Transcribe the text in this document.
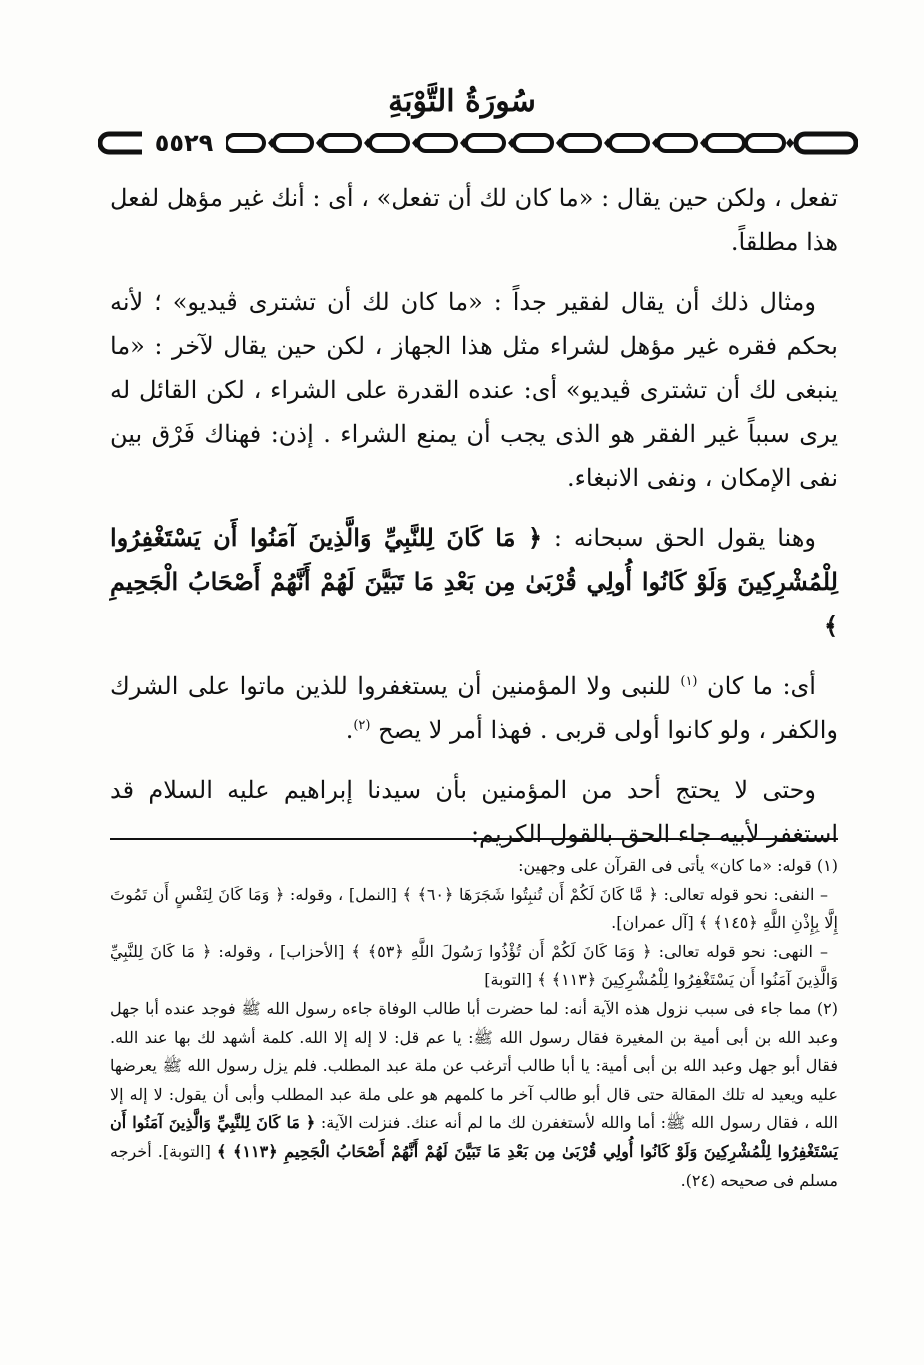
سُورَةُ التَّوْبَةِ
٥٥٢٩

تفعل ، ولكن حين يقال : «ما كان لك أن تفعل» ، أى : أنك غير مؤهل لفعل هذا مطلقاً.

ومثال ذلك أن يقال لفقير جداً : «ما كان لك أن تشترى ڤيديو» ؛ لأنه بحكم فقره غير مؤهل لشراء مثل هذا الجهاز ، لكن حين يقال لآخر : «ما ينبغى لك أن تشترى ڤيديو» أى: عنده القدرة على الشراء ، لكن القائل له يرى سبباً غير الفقر هو الذى يجب أن يمنع الشراء . إذن: فهناك فَرْق بين نفى الإمكان ، ونفى الانبغاء.

وهنا يقول الحق سبحانه : ﴿ مَا كَانَ لِلنَّبِيِّ وَالَّذِينَ آمَنُوا أَن يَسْتَغْفِرُوا لِلْمُشْرِكِينَ وَلَوْ كَانُوا أُولِي قُرْبَىٰ مِن بَعْدِ مَا تَبَيَّنَ لَهُمْ أَنَّهُمْ أَصْحَابُ الْجَحِيمِ ﴾

أى: ما كان $^{(١)}$ للنبى ولا المؤمنين أن يستغفروا للذين ماتوا على الشرك والكفر ، ولو كانوا أولى قربى . فهذا أمر لا يصح $^{(٢)}$.

وحتى لا يحتج أحد من المؤمنين بأن سيدنا إبراهيم عليه السلام قد استغفر لأبيه جاء الحق بالقول الكريم:

(١) قوله: «ما كان» يأتى فى القرآن على وجهين:

– النفى: نحو قوله تعالى: ﴿ مَّا كَانَ لَكُمْ أَن تُنبِتُوا شَجَرَهَا ﴿٦٠﴾ ﴾ [النمل] ، وقوله: ﴿ وَمَا كَانَ لِنَفْسٍ أَن تَمُوتَ إِلَّا بِإِذْنِ اللَّهِ ﴿١٤٥﴾ ﴾ [آل عمران].

– النهى: نحو قوله تعالى: ﴿ وَمَا كَانَ لَكُمْ أَن تُؤْذُوا رَسُولَ اللَّهِ ﴿٥٣﴾ ﴾ [الأحزاب] ، وقوله: ﴿ مَا كَانَ لِلنَّبِيِّ وَالَّذِينَ آمَنُوا أَن يَسْتَغْفِرُوا لِلْمُشْرِكِينَ ﴿١١٣﴾ ﴾ [التوبة]

(٢) مما جاء فى سبب نزول هذه الآية أنه: لما حضرت أبا طالب الوفاة جاءه رسول الله ﷺ فوجد عنده أبا جهل وعبد الله بن أبى أمية بن المغيرة فقال رسول الله ﷺ: يا عم قل: لا إله إلا الله. كلمة أشهد لك بها عند الله. فقال أبو جهل وعبد الله بن أبى أمية: يا أبا طالب أترغب عن ملة عبد المطلب. فلم يزل رسول الله ﷺ يعرضها عليه ويعيد له تلك المقالة حتى قال أبو طالب آخر ما كلمهم هو على ملة عبد المطلب وأبى أن يقول: لا إله إلا الله ، فقال رسول الله ﷺ: أما والله لأستغفرن لك ما لم أنه عنك. فنزلت الآية: ﴿ مَا كَانَ لِلنَّبِيِّ وَالَّذِينَ آمَنُوا أَن يَسْتَغْفِرُوا لِلْمُشْرِكِينَ وَلَوْ كَانُوا أُولِي قُرْبَىٰ مِن بَعْدِ مَا تَبَيَّنَ لَهُمْ أَنَّهُمْ أَصْحَابُ الْجَحِيمِ ﴿١١٣﴾ ﴾ [التوبة]. أخرجه مسلم فى صحيحه (٢٤).
